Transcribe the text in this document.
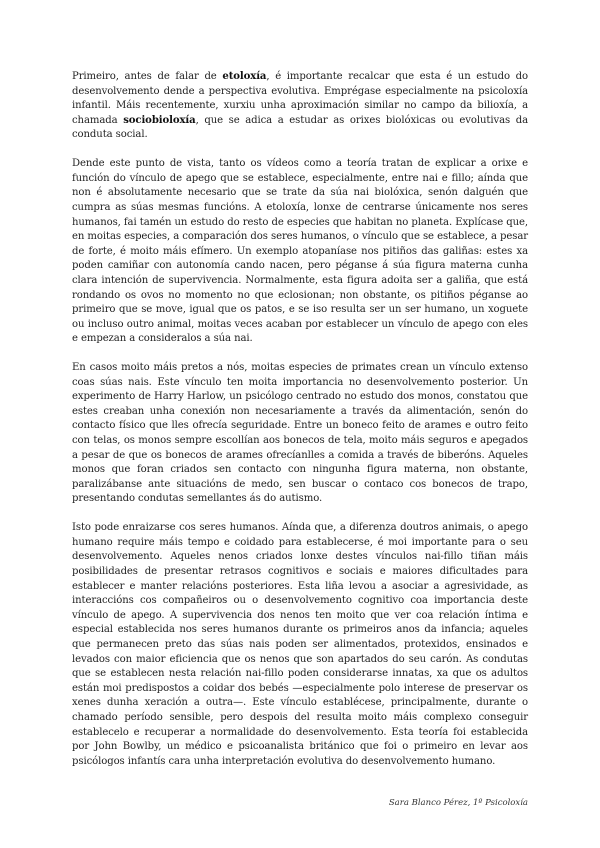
Primeiro, antes de falar de etoloxía, é importante recalcar que esta é un estudo do desenvolvemento dende a perspectiva evolutiva. Emprégase especialmente na psicoloxía infantil. Máis recentemente, xurxiu unha aproximación similar no campo da bilioxía, a chamada sociobioloxía, que se adica a estudar as orixes biolóxicas ou evolutivas da conduta social.

Dende este punto de vista, tanto os vídeos como a teoría tratan de explicar a orixe e función do vínculo de apego que se establece, especialmente, entre nai e fillo; aínda que non é absolutamente necesario que se trate da súa nai biolóxica, senón dalguén que cumpra as súas mesmas funcións. A etoloxía, lonxe de centrarse únicamente nos seres humanos, fai tamén un estudo do resto de especies que habitan no planeta. Explícase que, en moitas especies, a comparación dos seres humanos, o vínculo que se establece, a pesar de forte, é moito máis efímero. Un exemplo atopaníase nos pitiños das galiñas: estes xa poden camiñar con autonomía cando nacen, pero péganse á súa figura materna cunha clara intención de supervivencia. Normalmente, esta figura adoita ser a galiña, que está rondando os ovos no momento no que eclosionan; non obstante, os pitiños péganse ao primeiro que se move, igual que os patos, e se iso resulta ser un ser humano, un xoguete ou incluso outro animal, moitas veces acaban por establecer un vínculo de apego con eles e empezan a consideralos a súa nai.

En casos moito máis pretos a nós, moitas especies de primates crean un vínculo extenso coas súas nais. Este vínculo ten moita importancia no desenvolvemento posterior. Un experimento de Harry Harlow, un psicólogo centrado no estudo dos monos, constatou que estes creaban unha conexión non necesariamente a través da alimentación, senón do contacto físico que lles ofrecía seguridade. Entre un boneco feito de arames e outro feito con telas, os monos sempre escollían aos bonecos de tela, moito máis seguros e apegados a pesar de que os bonecos de arames ofrecíanlles a comida a través de biberóns. Aqueles monos que foran criados sen contacto con ningunha figura materna, non obstante, paralizábanse ante situacións de medo, sen buscar o contaco cos bonecos de trapo, presentando condutas semellantes ás do autismo.

Isto pode enraizarse cos seres humanos. Aínda que, a diferenza doutros animais, o apego humano require máis tempo e coidado para establecerse, é moi importante para o seu desenvolvemento. Aqueles nenos criados lonxe destes vínculos nai-fillo tiñan máis posibilidades de presentar retrasos cognitivos e sociais e maiores dificultades para establecer e manter relacións posteriores. Esta liña levou a asociar a agresividade, as interaccións cos compañeiros ou o desenvolvemento cognitivo coa importancia deste vínculo de apego. A supervivencia dos nenos ten moito que ver coa relación íntima e especial establecida nos seres humanos durante os primeiros anos da infancia; aqueles que permanecen preto das súas nais poden ser alimentados, protexidos, ensinados e levados con maior eficiencia que os nenos que son apartados do seu carón. As condutas que se establecen nesta relación nai-fillo poden considerarse innatas, xa que os adultos están moi predispostos a coidar dos bebés —especialmente polo interese de preservar os xenes dunha xeración a outra—. Este vínculo establécese, principalmente, durante o chamado período sensible, pero despois del resulta moito máis complexo conseguir establecelo e recuperar a normalidade do desenvolvemento. Esta teoría foi establecida por John Bowlby, un médico e psicoanalista británico que foi o primeiro en levar aos psicólogos infantís cara unha interpretación evolutiva do desenvolvemento humano.

Sara Blanco Pérez, 1º Psicoloxía
